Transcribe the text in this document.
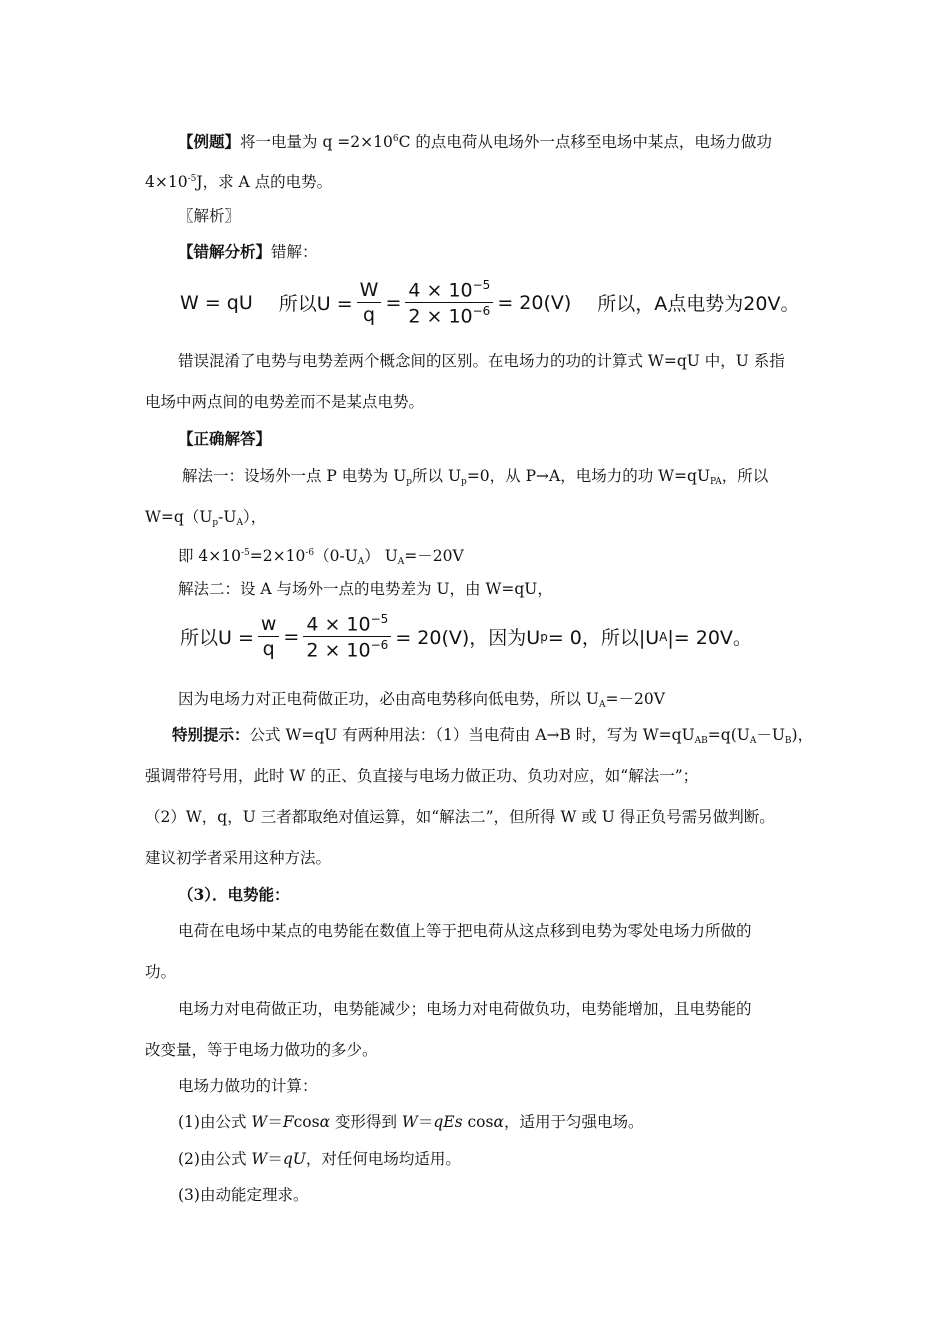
【例题】将一电量为 $q =2\times 10^6C$ 的点电荷从电场外一点移至电场中某点，电场力做功
$4\times 10^{-5}J$，求 A 点的电势。
〖解析〗
【错解分析】错解：
W = qU 所以$U = \frac{W}{q} = \frac{4 \times 10^{-5}}{2 \times 10^{-6}} = 20(V)$ 所以，A点电势为20V。
错误混淆了电势与电势差两个概念间的区别。在电场力的功的计算式 W=qU 中，U 系指
电场中两点间的电势差而不是某点电势。
【正确解答】
解法一：设场外一点 P 电势为 $U_p$所以 $U_p=0$，从 P→A，电场力的功 $W=qU_{PA}$，所以
$W=q(U_p-U_A)$，
即 $4\times 10^{-5}=2\times 10^{-6}(0-U_A)$ $U_A=-20V$
解法二：设 A 与场外一点的电势差为 U，由 W=qU，
所以$U = \frac{w}{q} = \frac{4 \times 10^{-5}}{2 \times 10^{-6}} = 20(V)$，因为U p = 0，所以|U A |= 20V。
因为电场力对正电荷做正功，必由高电势移向低电势，所以 $U_A=-20V$
特别提示：公式 W=qU 有两种用法：（1）当电荷由 A→B 时，写为 $W=qU_{AB}=q(U_A-U_B)$，
强调带符号用，此时 W 的正、负直接与电场力做正功、负功对应，如“解法一”；
（2）W，q，U 三者都取绝对值运算，如“解法二”，但所得 W 或 U 得正负号需另做判断。
建议初学者采用这种方法。
（3）．电势能：
电荷在电场中某点的电势能在数值上等于把电荷从这点移到电势为零处电场力所做的
功。
电场力对电荷做正功，电势能减少；电场力对电荷做负功，电势能增加，且电势能的
改变量，等于电场力做功的多少。
电场力做功的计算：
(1)由公式 W＝Fcosα 变形得到 W＝qEs cosα，适用于匀强电场。
(2)由公式 W＝qU，对任何电场均适用。
(3)由动能定理求。
